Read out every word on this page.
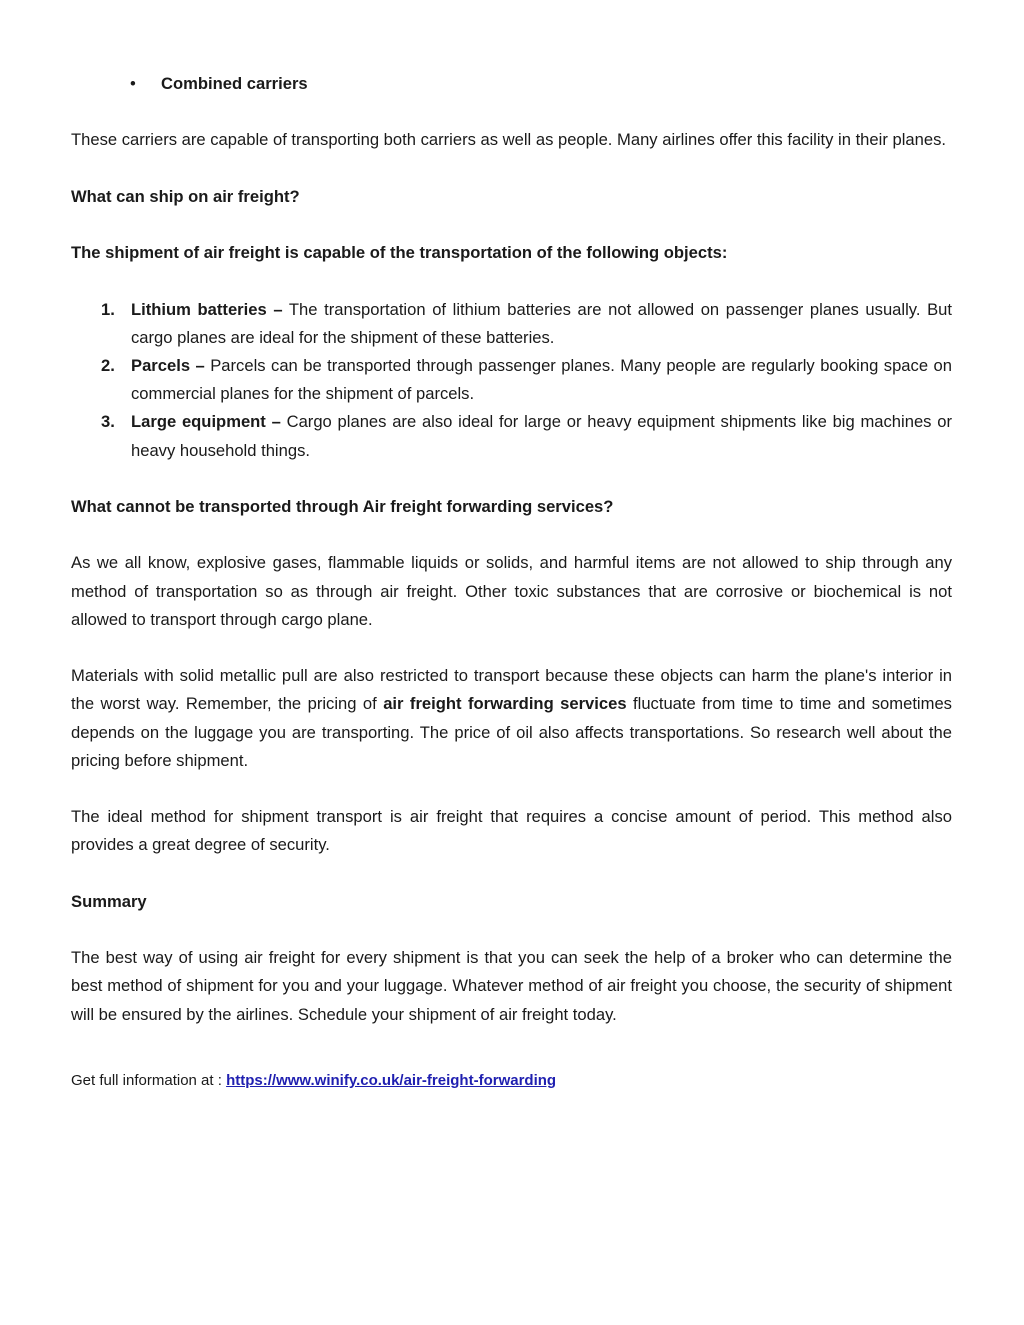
• Combined carriers

These carriers are capable of transporting both carriers as well as people. Many airlines offer this facility in their planes.

What can ship on air freight?

The shipment of air freight is capable of the transportation of the following objects:

1. Lithium batteries – The transportation of lithium batteries are not allowed on passenger planes usually. But cargo planes are ideal for the shipment of these batteries.
2. Parcels – Parcels can be transported through passenger planes. Many people are regularly booking space on commercial planes for the shipment of parcels.
3. Large equipment – Cargo planes are also ideal for large or heavy equipment shipments like big machines or heavy household things.

What cannot be transported through Air freight forwarding services?

As we all know, explosive gases, flammable liquids or solids, and harmful items are not allowed to ship through any method of transportation so as through air freight. Other toxic substances that are corrosive or biochemical is not allowed to transport through cargo plane.

Materials with solid metallic pull are also restricted to transport because these objects can harm the plane's interior in the worst way. Remember, the pricing of air freight forwarding services fluctuate from time to time and sometimes depends on the luggage you are transporting. The price of oil also affects transportations. So research well about the pricing before shipment.

The ideal method for shipment transport is air freight that requires a concise amount of period. This method also provides a great degree of security.

Summary

The best way of using air freight for every shipment is that you can seek the help of a broker who can determine the best method of shipment for you and your luggage. Whatever method of air freight you choose, the security of shipment will be ensured by the airlines. Schedule your shipment of air freight today.

Get full information at : https://www.winify.co.uk/air-freight-forwarding
